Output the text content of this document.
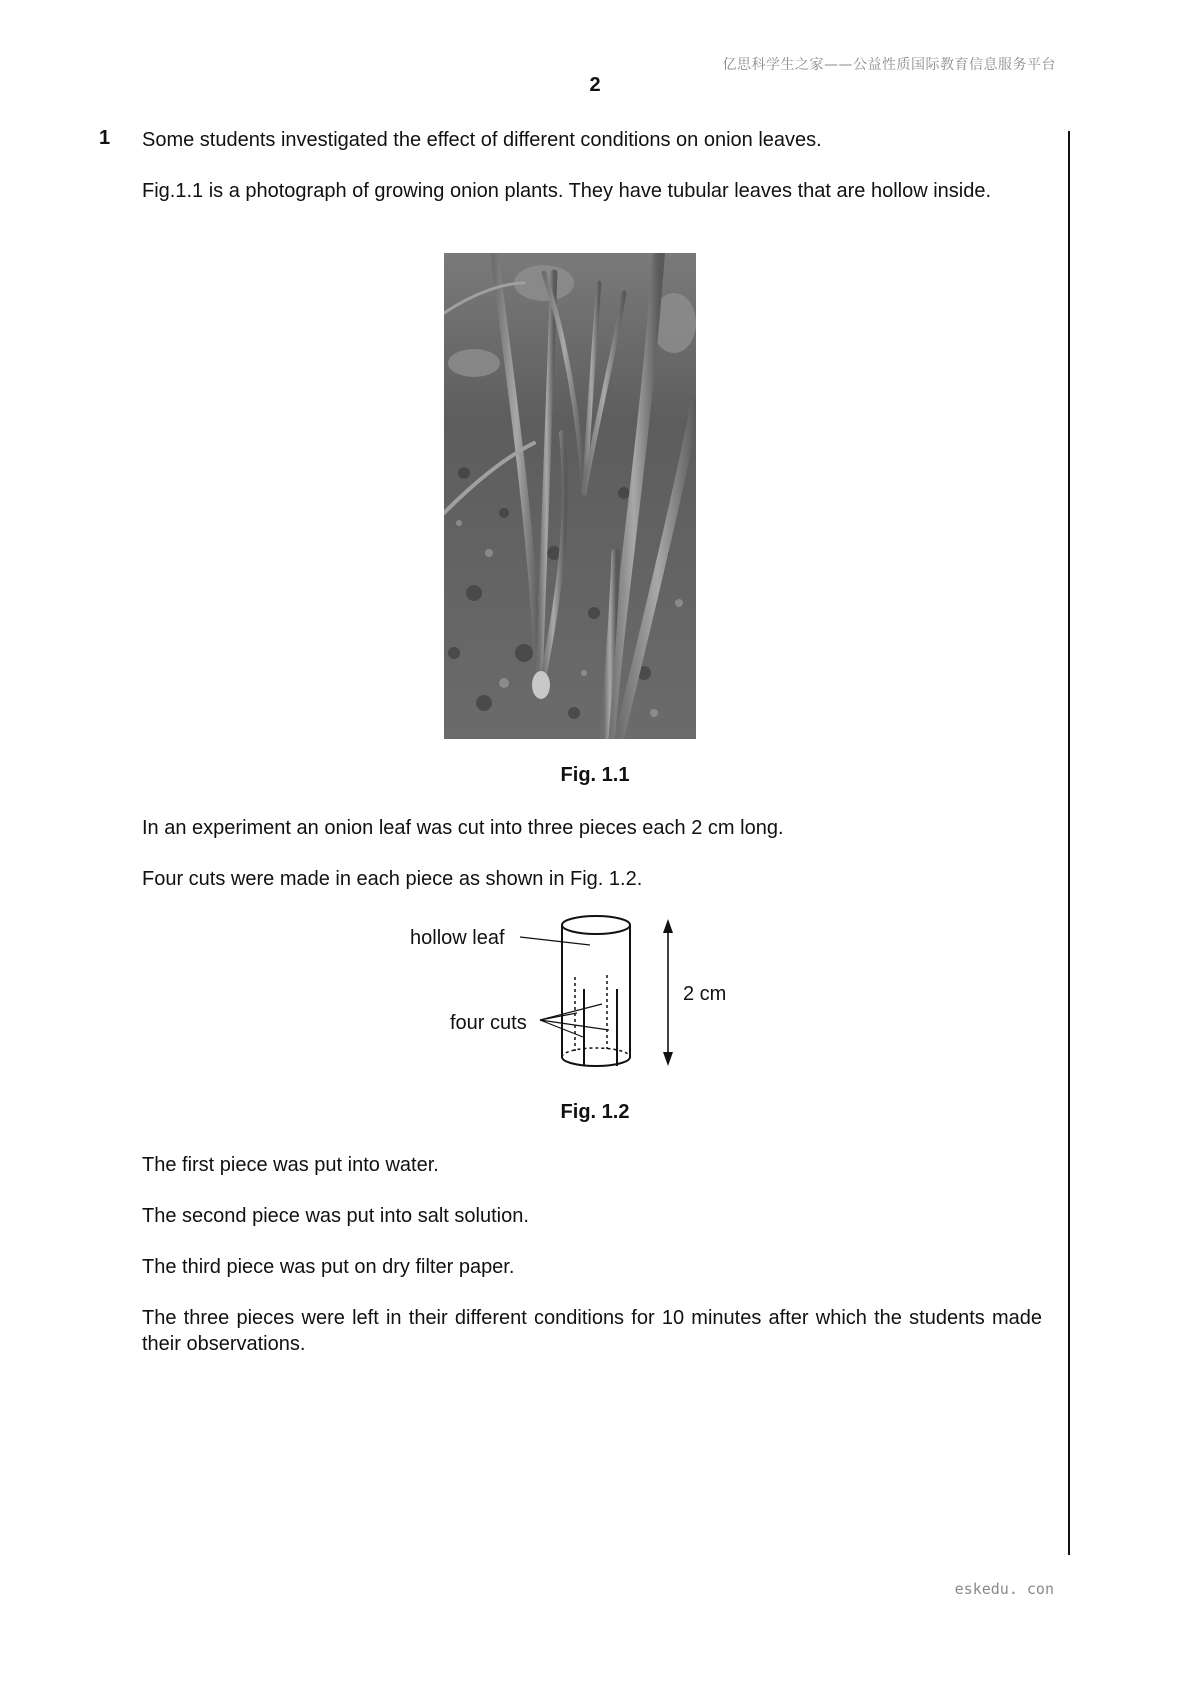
亿思科学生之家——公益性质国际教育信息服务平台
2
1 Some students investigated the effect of different conditions on onion leaves.
Fig.1.1 is a photograph of growing onion plants. They have tubular leaves that are hollow inside.
Fig. 1.1
In an experiment an onion leaf was cut into three pieces each 2 cm long.
Four cuts were made in each piece as shown in Fig. 1.2.
hollow leaf
four cuts
2 cm
Fig. 1.2
The first piece was put into water.
The second piece was put into salt solution.
The third piece was put on dry filter paper.
The three pieces were left in their different conditions for 10 minutes after which the students made their observations.
eskedu. con
